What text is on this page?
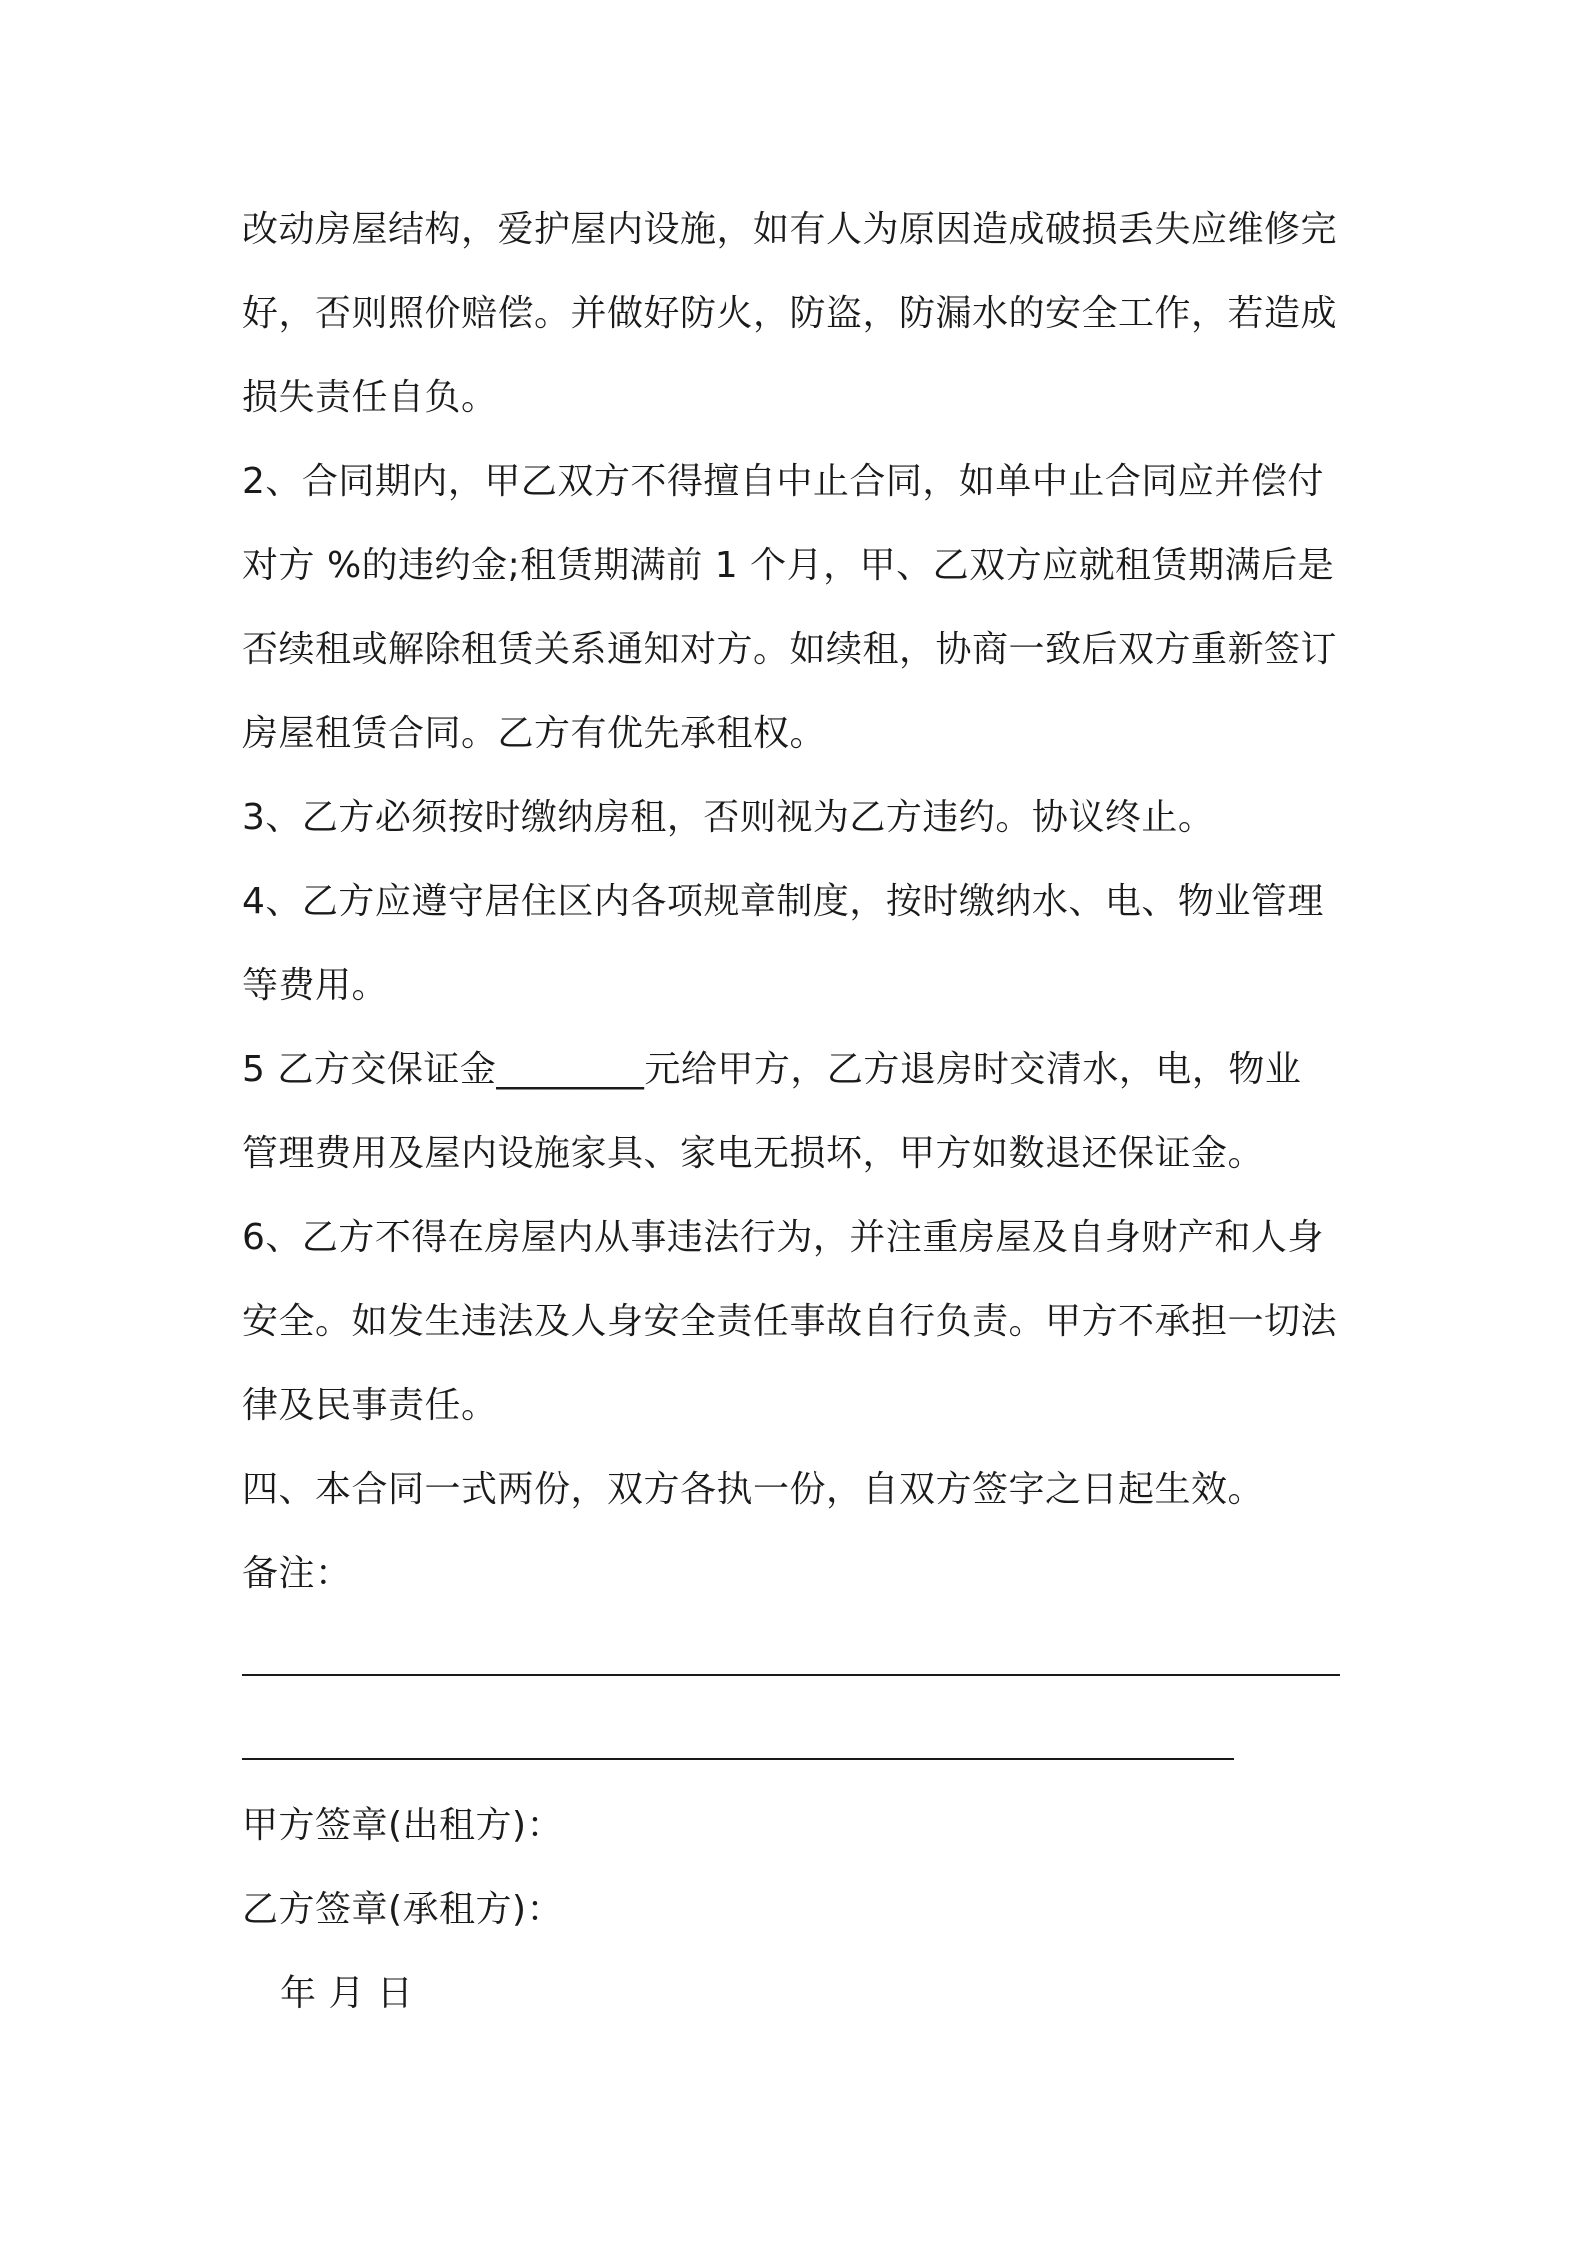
改动房屋结构，爱护屋内设施，如有人为原因造成破损丢失应维修完
好，否则照价赔偿。并做好防火，防盗，防漏水的安全工作，若造成
损失责任自负。
2、合同期内，甲乙双方不得擅自中止合同，如单中止合同应并偿付
对方 %的违约金;租赁期满前 1 个月，甲、乙双方应就租赁期满后是
否续租或解除租赁关系通知对方。如续租，协商一致后双方重新签订
房屋租赁合同。乙方有优先承租权。
3、乙方必须按时缴纳房租，否则视为乙方违约。协议终止。
4、乙方应遵守居住区内各项规章制度，按时缴纳水、电、物业管理
等费用。
5 乙方交保证金________元给甲方，乙方退房时交清水，电，物业
管理费用及屋内设施家具、家电无损坏，甲方如数退还保证金。
6、乙方不得在房屋内从事违法行为，并注重房屋及自身财产和人身
安全。如发生违法及人身安全责任事故自行负责。甲方不承担一切法
律及民事责任。
四、本合同一式两份，双方各执一份，自双方签字之日起生效。
备注：
甲方签章(出租方)：
乙方签章(承租方)：
年 月 日
